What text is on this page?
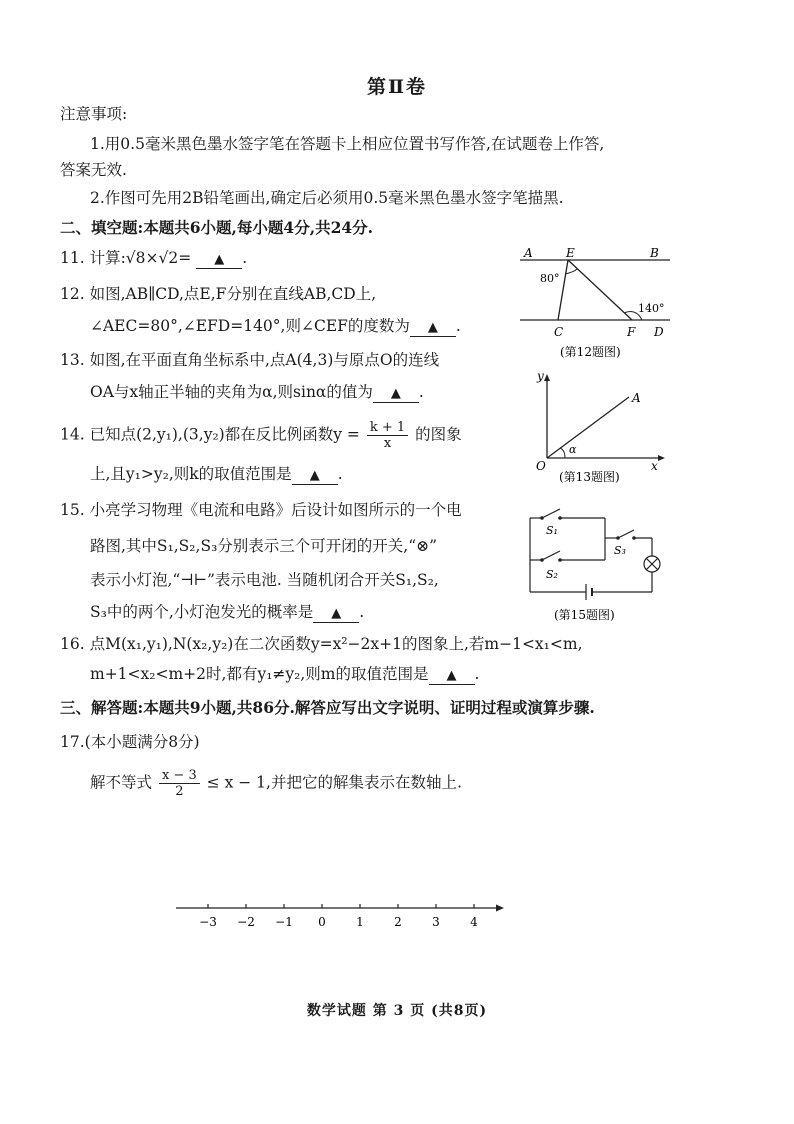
第Ⅱ卷
注意事项:
1.用0.5毫米黑色墨水签字笔在答题卡上相应位置书写作答,在试题卷上作答,
答案无效.
2.作图可先用2B铅笔画出,确定后必须用0.5毫米黑色墨水签字笔描黑.
二、填空题:本题共6小题,每小题4分,共24分.
11. 计算:√8×√2= ▲ .
12. 如图,AB∥CD,点E,F分别在直线AB,CD上,
∠AEC=80°,∠EFD=140°,则∠CEF的度数为 ▲ .
13. 如图,在平面直角坐标系中,点A(4,3)与原点O的连线
OA与x轴正半轴的夹角为α,则sinα的值为 ▲ .
14. 已知点(2,y₁),(3,y₂)都在反比例函数$y = \frac{k + 1}{x}$ 的图象
上,且y₁>y₂,则k的取值范围是 ▲ .
15. 小亮学习物理《电流和电路》后设计如图所示的一个电
路图,其中S₁,S₂,S₃分别表示三个可开闭的开关,“⊗”
表示小灯泡,“⊣⊢”表示电池. 当随机闭合开关S₁,S₂,
S₃中的两个,小灯泡发光的概率是 ▲ .
16. 点M(x₁,y₁),N(x₂,y₂)在二次函数y=x²−2x+1的图象上,若m−1<x₁<m,
m+1<x₂<m+2时,都有y₁≠y₂,则m的取值范围是 ▲ .
三、解答题:本题共9小题,共86分.解答应写出文字说明、证明过程或演算步骤.
17.(本小题满分8分)
解不等式 $\frac{x - 3}{2} \le x - 1$,并把它的解集表示在数轴上.
A	E	B
C	F D
80°
140°
(第12题图)
y
x
O
A
α
(第13题图)
S₁
S₂
S₃
(第15题图)
−3 −2 −1 0	1	2	3	4
数学试题 第 3 页 (共8页)
